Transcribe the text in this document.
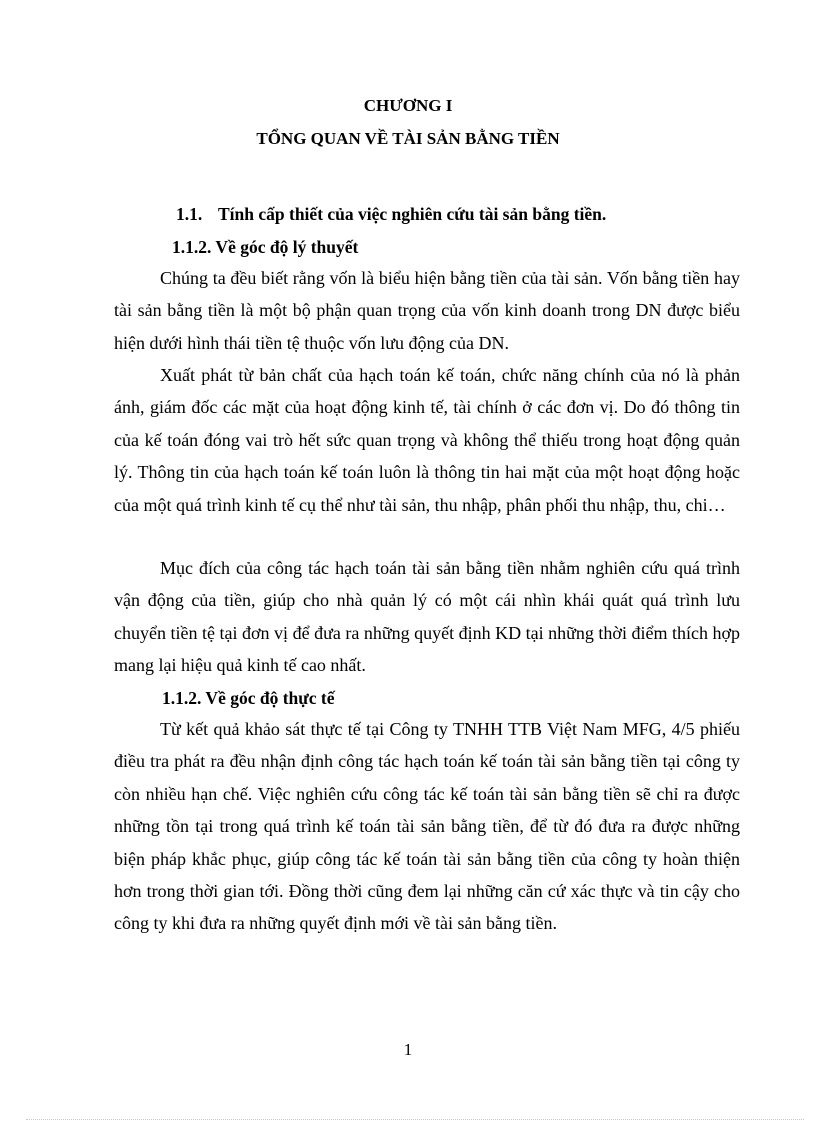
CHƯƠNG I
TỔNG QUAN VỀ TÀI SẢN BẰNG TIỀN
1.1. Tính cấp thiết của việc nghiên cứu tài sản bằng tiền.
1.1.2. Về góc độ lý thuyết

Chúng ta đều biết rằng vốn là biểu hiện bằng tiền của tài sản. Vốn bằng tiền hay tài sản bằng tiền là một bộ phận quan trọng của vốn kinh doanh trong DN được biểu hiện dưới hình thái tiền tệ thuộc vốn lưu động của DN.

Xuất phát từ bản chất của hạch toán kế toán, chức năng chính của nó là phản ánh, giám đốc các mặt của hoạt động kinh tế, tài chính ở các đơn vị. Do đó thông tin của kế toán đóng vai trò hết sức quan trọng và không thể thiếu trong hoạt động quản lý. Thông tin của hạch toán kế toán luôn là thông tin hai mặt của một hoạt động hoặc của một quá trình kinh tế cụ thể như tài sản, thu nhập, phân phối thu nhập, thu, chi…

Mục đích của công tác hạch toán tài sản bằng tiền nhằm nghiên cứu quá trình vận động của tiền, giúp cho nhà quản lý có một cái nhìn khái quát quá trình lưu chuyển tiền tệ tại đơn vị để đưa ra những quyết định KD tại những thời điểm thích hợp mang lại hiệu quả kinh tế cao nhất.

1.1.2. Về góc độ thực tế

Từ kết quả khảo sát thực tế tại Công ty TNHH TTB Việt Nam MFG, 4/5 phiếu điều tra phát ra đều nhận định công tác hạch toán kế toán tài sản bằng tiền tại công ty còn nhiều hạn chế. Việc nghiên cứu công tác kế toán tài sản bằng tiền sẽ chỉ ra được những tồn tại trong quá trình kế toán tài sản bằng tiền, để từ đó đưa ra được những biện pháp khắc phục, giúp công tác kế toán tài sản bằng tiền của công ty hoàn thiện hơn trong thời gian tới. Đồng thời cũng đem lại những căn cứ xác thực và tin cậy cho công ty khi đưa ra những quyết định mới về tài sản bằng tiền.

1
